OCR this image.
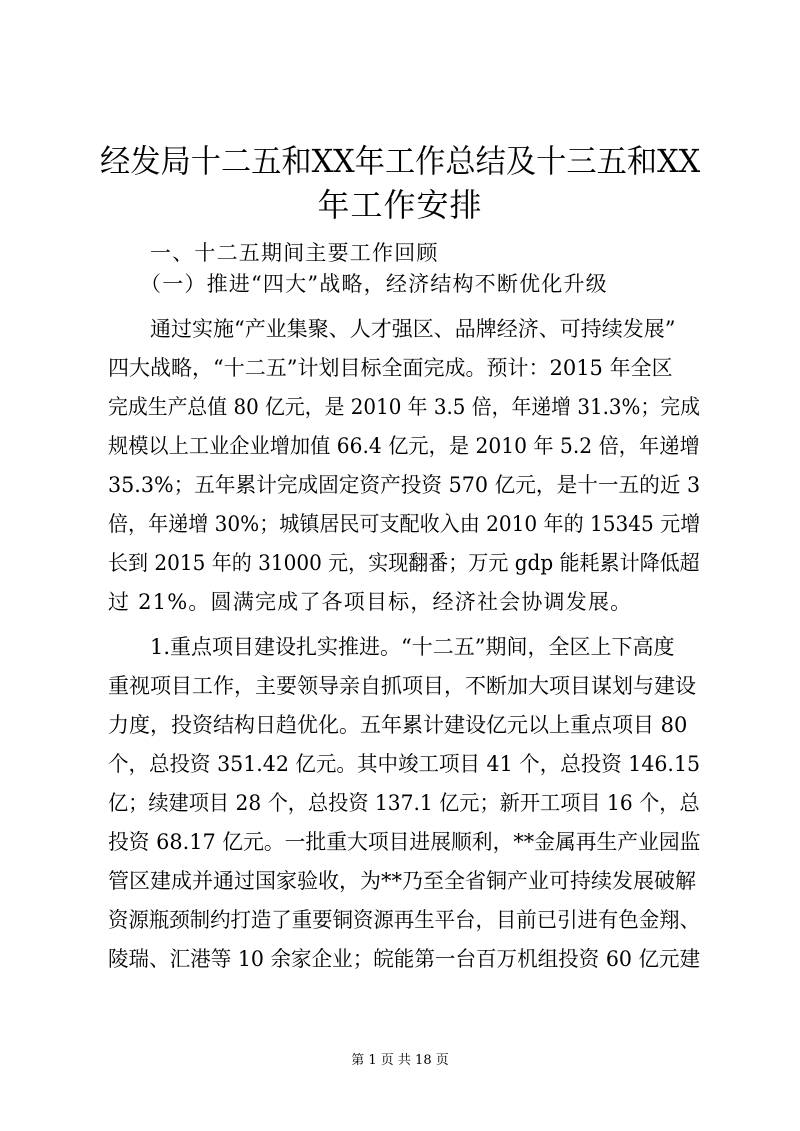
经发局十二五和XX年工作总结及十三五和XX
年工作安排
一、十二五期间主要工作回顾
（一）推进“四大”战略，经济结构不断优化升级
通过实施“产业集聚、人才强区、品牌经济、可持续发展”
四大战略，“十二五”计划目标全面完成。预计：2015 年全区
完成生产总值 80 亿元，是 2010 年 3.5 倍，年递增 31.3%；完成
规模以上工业企业增加值 66.4 亿元，是 2010 年 5.2 倍，年递增
35.3%；五年累计完成固定资产投资 570 亿元，是十一五的近 3
倍，年递增 30%；城镇居民可支配收入由 2010 年的 15345 元增
长到 2015 年的 31000 元，实现翻番；万元 gdp 能耗累计降低超
过 21%。圆满完成了各项目标，经济社会协调发展。
1.重点项目建设扎实推进。“十二五”期间，全区上下高度
重视项目工作，主要领导亲自抓项目，不断加大项目谋划与建设
力度，投资结构日趋优化。五年累计建设亿元以上重点项目 80
个，总投资 351.42 亿元。其中竣工项目 41 个，总投资 146.15
亿；续建项目 28 个，总投资 137.1 亿元；新开工项目 16 个，总
投资 68.17 亿元。一批重大项目进展顺利，**金属再生产业园监
管区建成并通过国家验收，为**乃至全省铜产业可持续发展破解
资源瓶颈制约打造了重要铜资源再生平台，目前已引进有色金翔、
陵瑞、汇港等 10 余家企业；皖能第一台百万机组投资 60 亿元建
第 1 页 共 18 页
